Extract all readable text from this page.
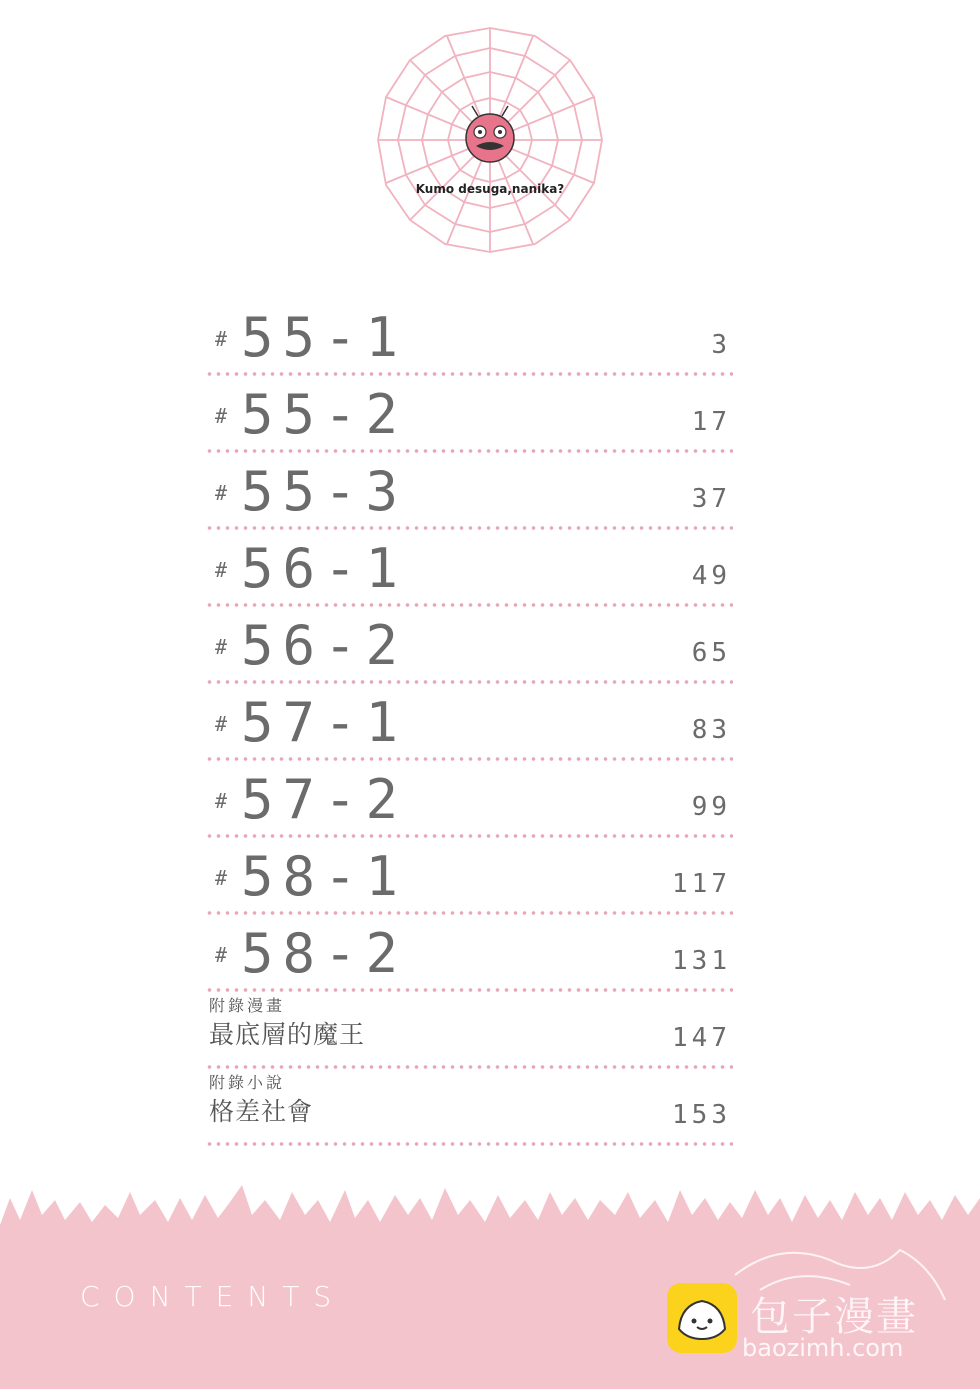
Kumo desuga,nanika?
# 55-1	3
# 55-2	17
# 55-3	37
# 56-1	49
# 56-2	65
# 57-1	83
# 57-2	99
# 58-1	117
# 58-2	131
附錄漫畫
最底層的魔王	147
附錄小說
格差社會	153
CONTENTS	包子漫畫
baozimh.com
